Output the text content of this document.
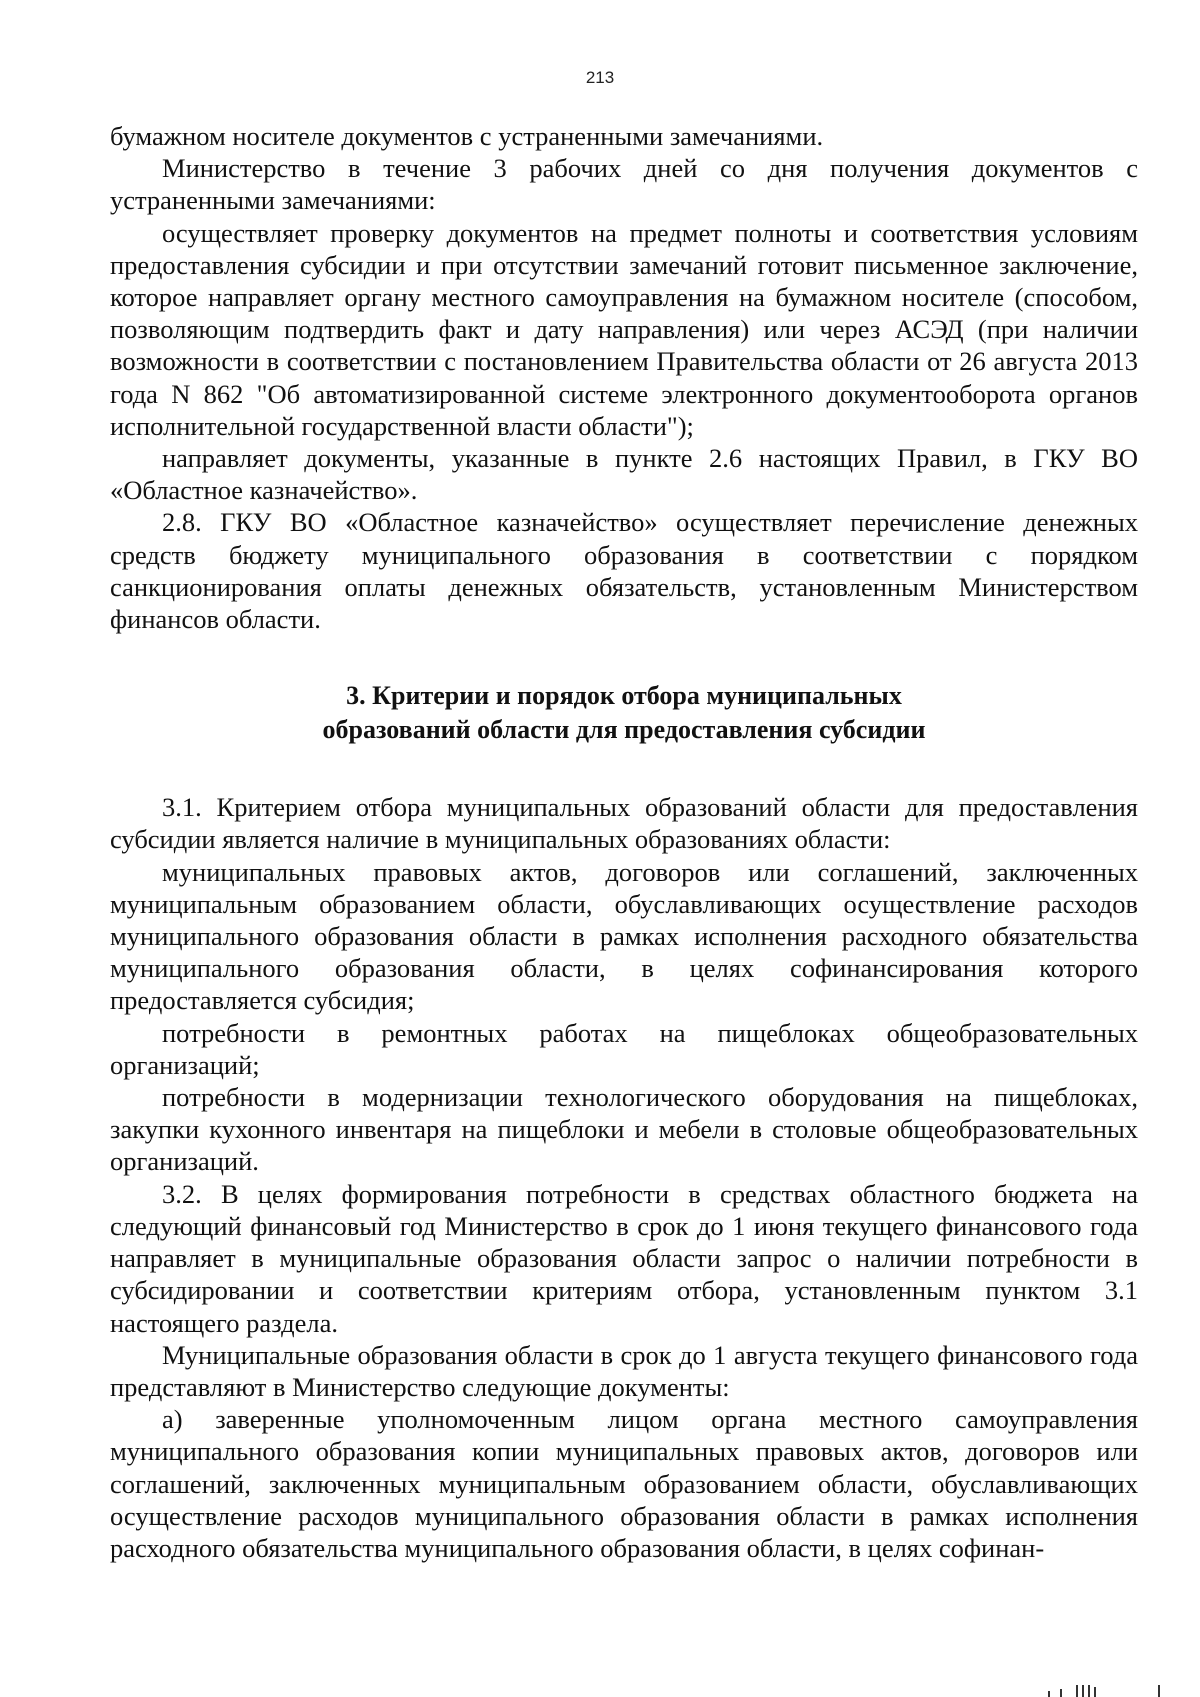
213

бумажном носителе документов с устраненными замечаниями.

Министерство в течение 3 рабочих дней со дня получения документов с устраненными замечаниями:

осуществляет проверку документов на предмет полноты и соответствия условиям предоставления субсидии и при отсутствии замечаний готовит письменное заключение, которое направляет органу местного самоуправления на бумажном носителе (способом, позволяющим подтвердить факт и дату направления) или через АСЭД (при наличии возможности в соответствии с постановлением Правительства области от 26 августа 2013 года N 862 "Об автоматизированной системе электронного документооборота органов исполнительной государственной власти области");

направляет документы, указанные в пункте 2.6 настоящих Правил, в ГКУ ВО «Областное казначейство».

2.8. ГКУ ВО «Областное казначейство» осуществляет перечисление денежных средств бюджету муниципального образования в соответствии с порядком санкционирования оплаты денежных обязательств, установленным Министерством финансов области.

3. Критерии и порядок отбора муниципальных
образований области для предоставления субсидии

3.1. Критерием отбора муниципальных образований области для предоставления субсидии является наличие в муниципальных образованиях области:

муниципальных правовых актов, договоров или соглашений, заключенных муниципальным образованием области, обуславливающих осуществление расходов муниципального образования области в рамках исполнения расходного обязательства муниципального образования области, в целях софинансирования которого предоставляется субсидия;

потребности в ремонтных работах на пищеблоках общеобразовательных организаций;

потребности в модернизации технологического оборудования на пищеблоках, закупки кухонного инвентаря на пищеблоки и мебели в столовые общеобразовательных организаций.

3.2. В целях формирования потребности в средствах областного бюджета на следующий финансовый год Министерство в срок до 1 июня текущего финансового года направляет в муниципальные образования области запрос о наличии потребности в субсидировании и соответствии критериям отбора, установленным пунктом 3.1 настоящего раздела.

Муниципальные образования области в срок до 1 августа текущего финансового года представляют в Министерство следующие документы:

а) заверенные уполномоченным лицом органа местного самоуправления муниципального образования копии муниципальных правовых актов, договоров или соглашений, заключенных муниципальным образованием области, обуславливающих осуществление расходов муниципального образования области в рамках исполнения расходного обязательства муниципального образования области, в целях софинан-
